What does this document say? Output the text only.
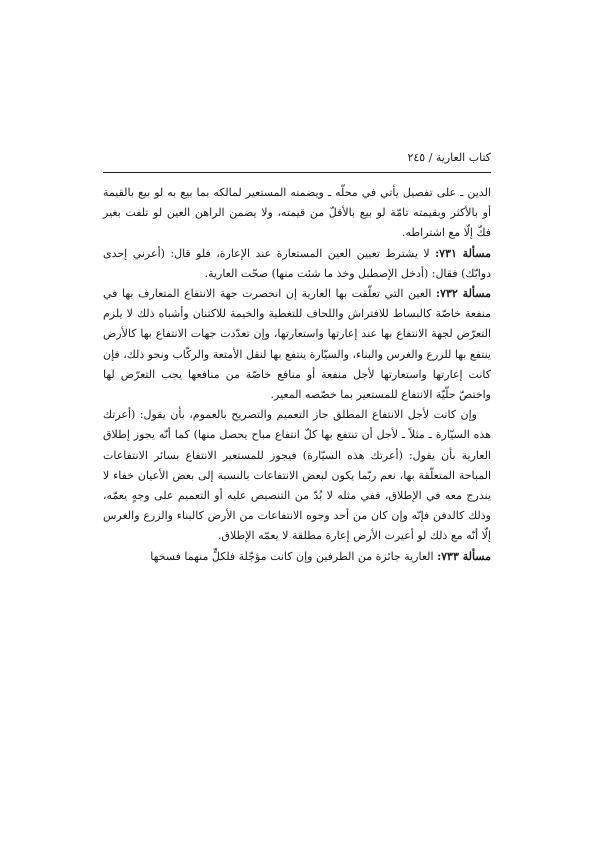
كتاب العارية / ٢٤٥

الدين ـ على تفصيل يأتي في محلّه ـ ويضمنه المستعير لمالكه بما بيع به لو بيع بالقيمة أو بالأكثر وبقيمته تامّة لو بيع بالأقلّ من قيمته، ولا يضمن الراهن العين لو تلفت بغير فكّ إلّا مع اشتراطه.

مسألة ٧٣١: لا يشترط تعيين العين المستعارة عند الإعارة، فلو قال: (أعرني إحدى دوابّك) فقال: (أدخل الإصطبل وخذ ما شئت منها) صحّت العارية.

مسألة ٧٣٢: العين التي تعلّقت بها العارية إن انحصرت جهة الانتفاع المتعارف بها في منفعة خاصّة كالبساط للافتراش واللحاف للتغطية والخيمة للاكتنان وأشباه ذلك لا يلزم التعرّض لجهة الانتفاع بها عند إعارتها واستعارتها، وإن تعدّدت جهات الانتفاع بها كالأرض ينتفع بها للزرع والغرس والبناء، والسيّارة ينتفع بها لنقل الأمتعة والركّاب ونحو ذلك، فإن كانت إعارتها واستعارتها لأجل منفعة أو منافع خاصّة من منافعها يجب التعرّض لها واختصّ حلّيّة الانتفاع للمستعير بما خصّصه المعير.

وإن كانت لأجل الانتفاع المطلق جاز التعميم والتصريح بالعموم، بأن يقول: (أعرتك هذه السيّارة ـ مثلاً ـ لأجل أن تنتفع بها كلّ انتفاع مباح يحصل منها) كما أنّه يجوز إطلاق العارية بأن يقول: (أعرتك هذه السيّارة) فيجوز للمستعير الانتفاع بسائر الانتفاعات المباحة المتعلّقة بها، نعم ربّما يكون لبعض الانتفاعات بالنسبة إلى بعض الأعيان خفاء لا يندرج معه في الإطلاق، ففي مثله لا بُدّ من التنصيص عليه أو التعميم على وجهٍ يعمّه، وذلك كالدفن فإنّه وإن كان من أحد وجوه الانتفاعات من الأرض كالبناء والزرع والغرس إلّا أنّه مع ذلك لو أعيرت الأرض إعارة مطلقة لا يعمّه الإطلاق.

مسألة ٧٣٣: العارية جائزة من الطرفين وإن كانت مؤجّلة فلكلٍّ منهما فسخها
